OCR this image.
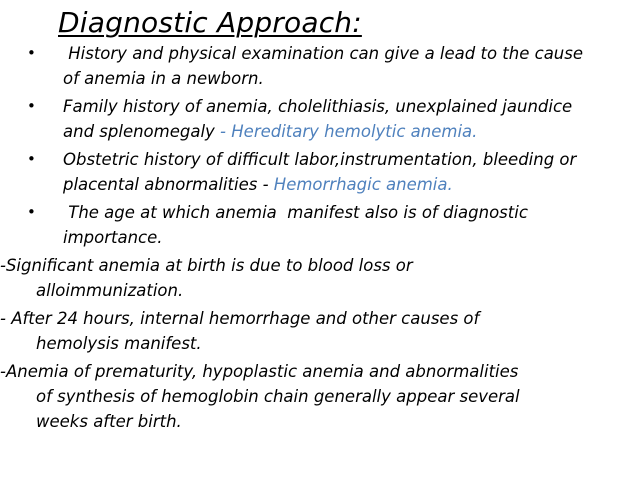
Diagnostic Approach:
• History and physical examination can give a lead to the cause
of anemia in a newborn.
• Family history of anemia, cholelithiasis, unexplained jaundice
and splenomegaly - Hereditary hemolytic anemia.
• Obstetric history of difficult labor,instrumentation, bleeding or
placental abnormalities - Hemorrhagic anemia.
• The age at which anemia  manifest also is of diagnostic
importance.
-Significant anemia at birth is due to blood loss or
alloimmunization.
- After 24 hours, internal hemorrhage and other causes of
hemolysis manifest.
-Anemia of prematurity, hypoplastic anemia and abnormalities
of synthesis of hemoglobin chain generally appear several
weeks after birth.
